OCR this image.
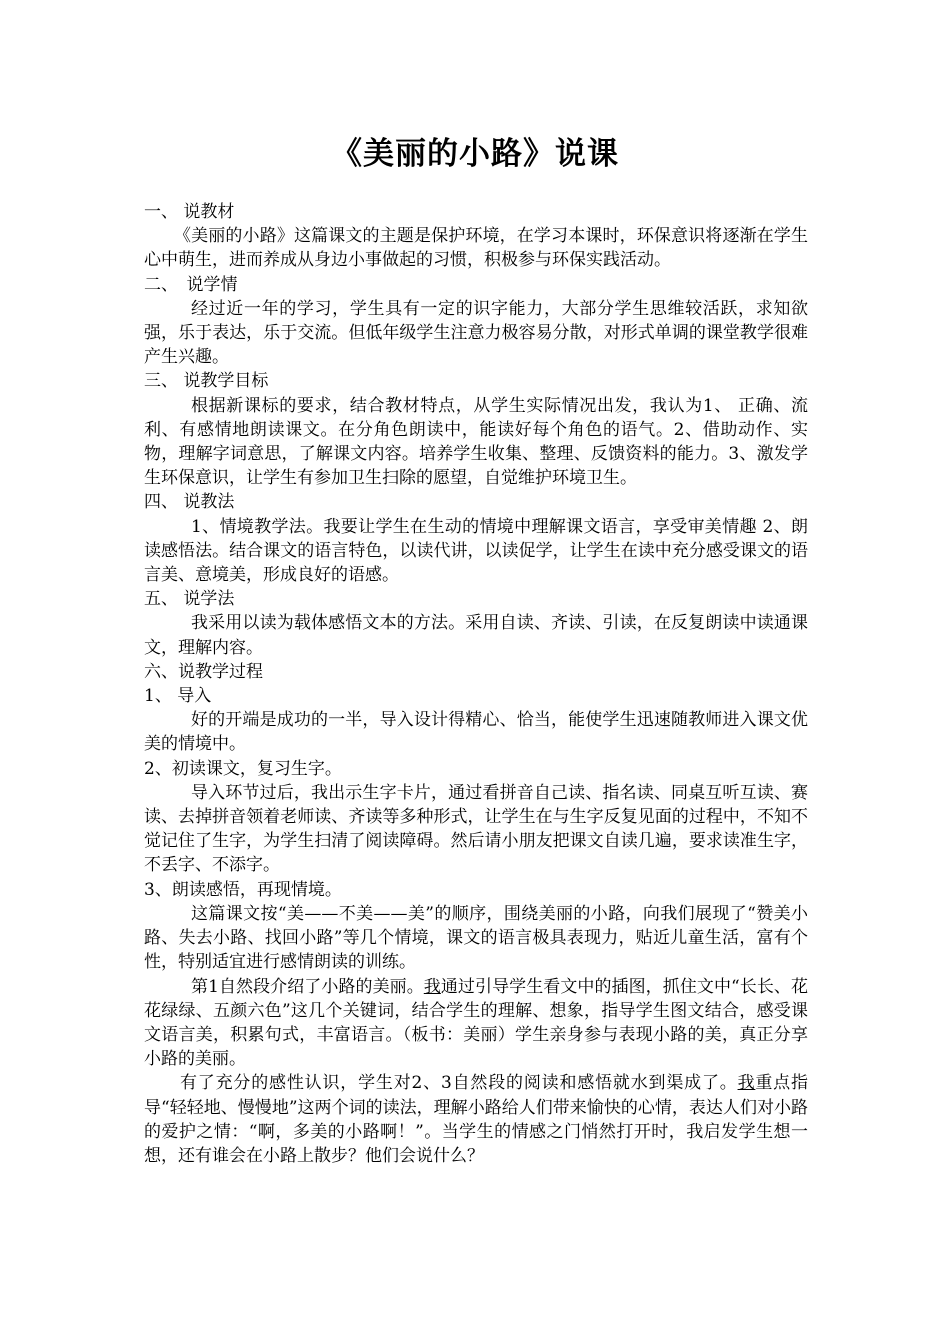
《美丽的小路》说课

一、 说教材

《美丽的小路》这篇课文的主题是保护环境，在学习本课时，环保意识将逐渐在学生心中萌生，进而养成从身边小事做起的习惯，积极参与环保实践活动。

二、　说学情

经过近一年的学习，学生具有一定的识字能力，大部分学生思维较活跃，求知欲强，乐于表达，乐于交流。但低年级学生注意力极容易分散，对形式单调的课堂教学很难产生兴趣。

三、 说教学目标

根据新课标的要求，结合教材特点，从学生实际情况出发，我认为1、 正确、流利、有感情地朗读课文。在分角色朗读中，能读好每个角色的语气。2、借助动作、实物，理解字词意思，了解课文内容。培养学生收集、整理、反馈资料的能力。3、激发学生环保意识，让学生有参加卫生扫除的愿望，自觉维护环境卫生。

四、 说教法

1、情境教学法。我要让学生在生动的情境中理解课文语言，享受审美情趣 2、朗读感悟法。结合课文的语言特色，以读代讲，以读促学，让学生在读中充分感受课文的语言美、意境美，形成良好的语感。

五、 说学法

我采用以读为载体感悟文本的方法。采用自读、齐读、引读，在反复朗读中读通课文，理解内容。

六、说教学过程

1、 导入

好的开端是成功的一半，导入设计得精心、恰当，能使学生迅速随教师进入课文优美的情境中。

2、初读课文，复习生字。

导入环节过后，我出示生字卡片，通过看拼音自己读、指名读、同桌互听互读、赛读、去掉拼音领着老师读、齐读等多种形式，让学生在与生字反复见面的过程中，不知不觉记住了生字，为学生扫清了阅读障碍。然后请小朋友把课文自读几遍，要求读准生字，不丢字、不添字。

3、朗读感悟，再现情境。

这篇课文按“美——不美——美”的顺序，围绕美丽的小路，向我们展现了“赞美小路、失去小路、找回小路”等几个情境，课文的语言极具表现力，贴近儿童生活，富有个性，特别适宜进行感情朗读的训练。

第1自然段介绍了小路的美丽。我通过引导学生看文中的插图，抓住文中“长长、花花绿绿、五颜六色”这几个关键词，结合学生的理解、想象，指导学生图文结合，感受课文语言美，积累句式，丰富语言。（板书：美丽）学生亲身参与表现小路的美，真正分享小路的美丽。

有了充分的感性认识，学生对2、3自然段的阅读和感悟就水到渠成了。我重点指导“轻轻地、慢慢地”这两个词的读法，理解小路给人们带来愉快的心情，表达人们对小路的爱护之情：“啊，多美的小路啊！”。当学生的情感之门悄然打开时，我启发学生想一想，还有谁会在小路上散步？他们会说什么？
